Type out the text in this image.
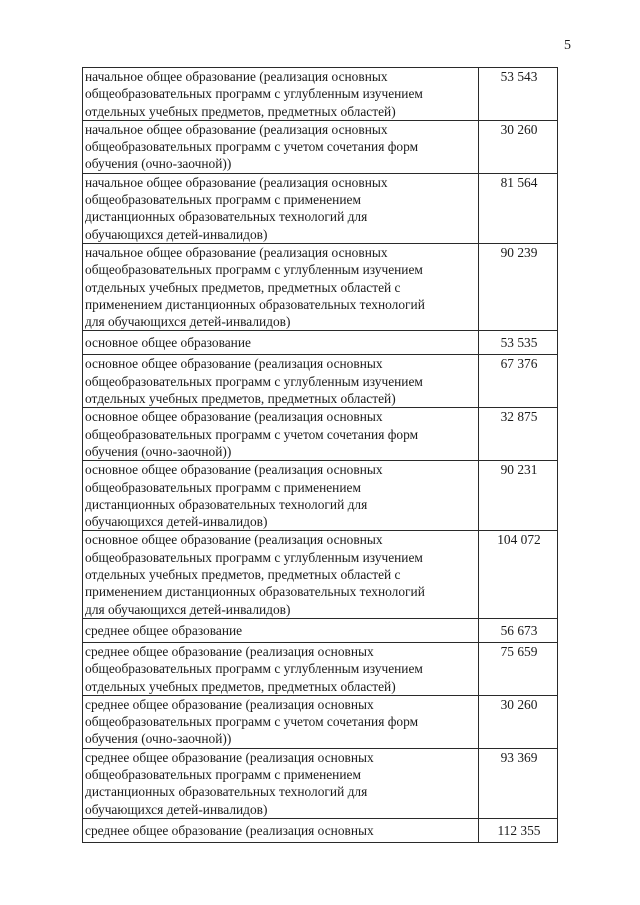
5
начальное общее образование (реализация основных
общеобразовательных программ с углубленным изучением
отдельных учебных предметов, предметных областей)	53 543
начальное общее образование (реализация основных
общеобразовательных программ с учетом сочетания форм
обучения (очно-заочной))	30 260
начальное общее образование (реализация основных
общеобразовательных программ с применением
дистанционных образовательных технологий для
обучающихся детей-инвалидов)	81 564
начальное общее образование (реализация основных
общеобразовательных программ с углубленным изучением
отдельных учебных предметов, предметных областей с
применением дистанционных образовательных технологий
для обучающихся детей-инвалидов)	90 239
основное общее образование	53 535
основное общее образование (реализация основных
общеобразовательных программ с углубленным изучением
отдельных учебных предметов, предметных областей)	67 376
основное общее образование (реализация основных
общеобразовательных программ с учетом сочетания форм
обучения (очно-заочной))	32 875
основное общее образование (реализация основных
общеобразовательных программ с применением
дистанционных образовательных технологий для
обучающихся детей-инвалидов)	90 231
основное общее образование (реализация основных
общеобразовательных программ с углубленным изучением
отдельных учебных предметов, предметных областей с
применением дистанционных образовательных технологий
для обучающихся детей-инвалидов)	104 072
среднее общее образование	56 673
среднее общее образование (реализация основных
общеобразовательных программ с углубленным изучением
отдельных учебных предметов, предметных областей)	75 659
среднее общее образование (реализация основных
общеобразовательных программ с учетом сочетания форм
обучения (очно-заочной))	30 260
среднее общее образование (реализация основных
общеобразовательных программ с применением
дистанционных образовательных технологий для
обучающихся детей-инвалидов)	93 369
среднее общее образование (реализация основных	112 355
